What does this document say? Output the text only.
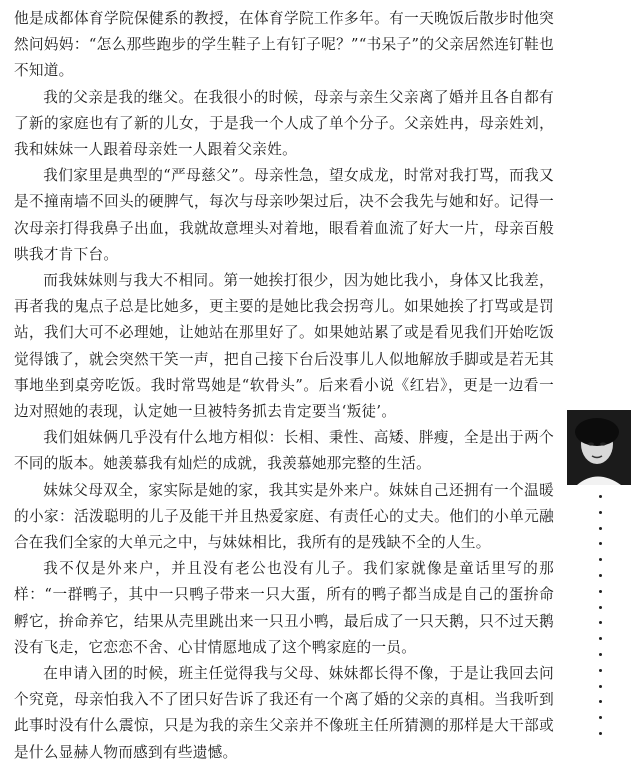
他是成都体育学院保健系的教授，在体育学院工作多年。有一天晚饭后散步时他突然问妈妈：“怎么那些跑步的学生鞋子上有钉子呢？”“书呆子”的父亲居然连钉鞋也不知道。

我的父亲是我的继父。在我很小的时候，母亲与亲生父亲离了婚并且各自都有了新的家庭也有了新的儿女，于是我一个人成了单个分子。父亲姓冉，母亲姓刘，我和妹妹一人跟着母亲姓一人跟着父亲姓。

我们家里是典型的“严母慈父”。母亲性急，望女成龙，时常对我打骂，而我又是不撞南墙不回头的硬脾气，每次与母亲吵架过后，决不会我先与她和好。记得一次母亲打得我鼻子出血，我就故意埋头对着地，眼看着血流了好大一片，母亲百般哄我才肯下台。

而我妹妹则与我大不相同。第一她挨打很少，因为她比我小，身体又比我差，再者我的鬼点子总是比她多，更主要的是她比我会拐弯儿。如果她挨了打骂或是罚站，我们大可不必理她，让她站在那里好了。如果她站累了或是看见我们开始吃饭觉得饿了，就会突然干笑一声，把自己接下台后没事儿人似地解放手脚或是若无其事地坐到桌旁吃饭。我时常骂她是“软骨头”。后来看小说《红岩》，更是一边看一边对照她的表现，认定她一旦被特务抓去肯定要当‘叛徒’。

我们姐妹俩几乎没有什么地方相似：长相、秉性、高矮、胖瘦，全是出于两个不同的版本。她羡慕我有灿烂的成就，我羡慕她那完整的生活。

妹妹父母双全，家实际是她的家，我其实是外来户。妹妹自己还拥有一个温暖的小家：活泼聪明的儿子及能干并且热爱家庭、有责任心的丈夫。他们的小单元融合在我们全家的大单元之中，与妹妹相比，我所有的是残缺不全的人生。

我不仅是外来户，并且没有老公也没有儿子。我们家就像是童话里写的那样：“一群鸭子，其中一只鸭子带来一只大蛋，所有的鸭子都当成是自己的蛋拚命孵它，拚命养它，结果从壳里跳出来一只丑小鸭，最后成了一只天鹅，只不过天鹅没有飞走，它恋恋不舍、心甘情愿地成了这个鸭家庭的一员。

在申请入团的时候，班主任觉得我与父母、妹妹都长得不像，于是让我回去问个究竟，母亲怕我入不了团只好告诉了我还有一个离了婚的父亲的真相。当我听到此事时没有什么震惊，只是为我的亲生父亲并不像班主任所猜测的那样是大干部或是什么显赫人物而感到有些遗憾。
